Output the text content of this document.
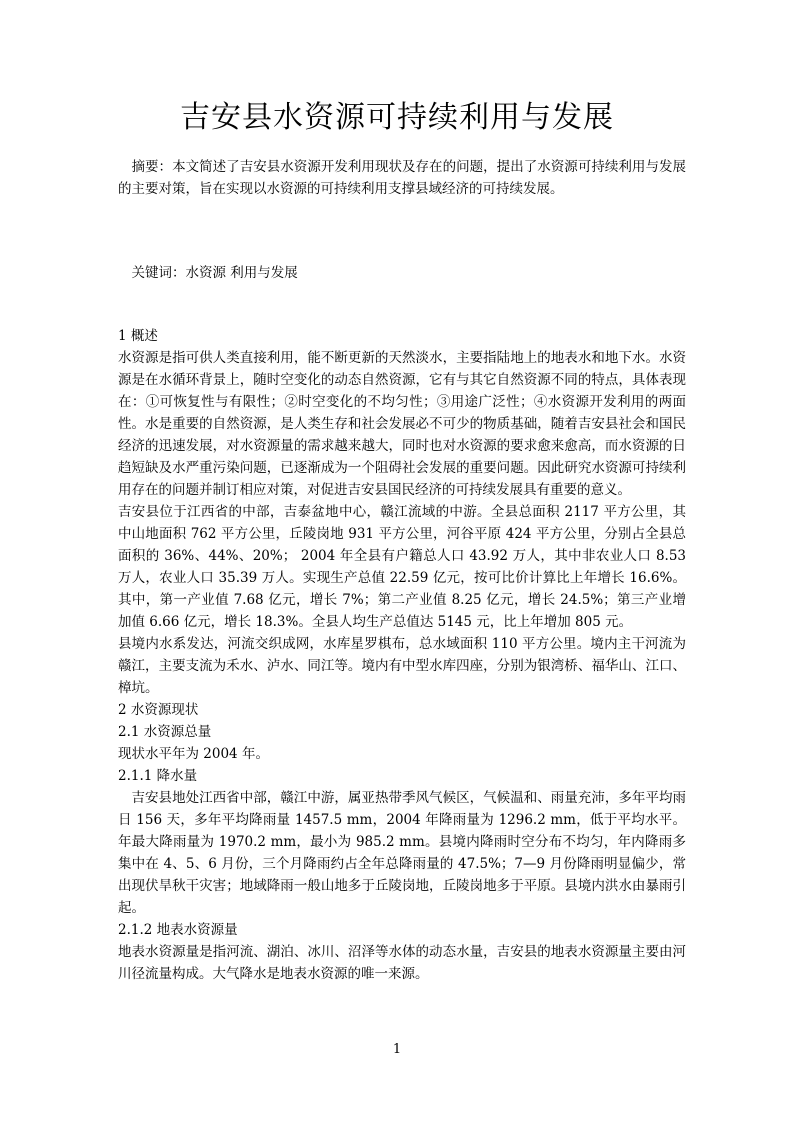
吉安县水资源可持续利用与发展

摘要：本文简述了吉安县水资源开发利用现状及存在的问题，提出了水资源可持续利用与发展的主要对策，旨在实现以水资源的可持续利用支撑县域经济的可持续发展。

关键词：水资源 利用与发展

1 概述

水资源是指可供人类直接利用，能不断更新的天然淡水，主要指陆地上的地表水和地下水。水资源是在水循环背景上，随时空变化的动态自然资源，它有与其它自然资源不同的特点，具体表现在：①可恢复性与有限性；②时空变化的不均匀性；③用途广泛性；④水资源开发利用的两面性。水是重要的自然资源，是人类生存和社会发展必不可少的物质基础，随着吉安县社会和国民经济的迅速发展，对水资源量的需求越来越大，同时也对水资源的要求愈来愈高，而水资源的日趋短缺及水严重污染问题，已逐渐成为一个阻碍社会发展的重要问题。因此研究水资源可持续利用存在的问题并制订相应对策，对促进吉安县国民经济的可持续发展具有重要的意义。

吉安县位于江西省的中部，吉泰盆地中心，赣江流域的中游。全县总面积 2117 平方公里，其中山地面积 762 平方公里，丘陵岗地 931 平方公里，河谷平原 424 平方公里，分别占全县总面积的 36%、44%、20%； 2004 年全县有户籍总人口 43.92 万人，其中非农业人口 8.53 万人，农业人口 35.39 万人。实现生产总值 22.59 亿元，按可比价计算比上年增长 16.6%。其中，第一产业值 7.68 亿元，增长 7%；第二产业值 8.25 亿元，增长 24.5%；第三产业增加值 6.66 亿元，增长 18.3%。全县人均生产总值达 5145 元，比上年增加 805 元。

县境内水系发达，河流交织成网，水库星罗棋布，总水域面积 110 平方公里。境内主干河流为赣江，主要支流为禾水、泸水、同江等。境内有中型水库四座，分别为银湾桥、福华山、江口、樟坑。

2 水资源现状

2.1 水资源总量

现状水平年为 2004 年。

2.1.1 降水量

吉安县地处江西省中部，赣江中游，属亚热带季风气候区，气候温和、雨量充沛，多年平均雨日 156 天，多年平均降雨量 1457.5 mm，2004 年降雨量为 1296.2 mm，低于平均水平。年最大降雨量为 1970.2 mm，最小为 985.2 mm。县境内降雨时空分布不均匀，年内降雨多集中在 4、5、6 月份，三个月降雨约占全年总降雨量的 47.5%；7—9 月份降雨明显偏少，常出现伏旱秋干灾害；地域降雨一般山地多于丘陵岗地，丘陵岗地多于平原。县境内洪水由暴雨引起。

2.1.2 地表水资源量

地表水资源量是指河流、湖泊、冰川、沼泽等水体的动态水量，吉安县的地表水资源量主要由河川径流量构成。大气降水是地表水资源的唯一来源。

1
